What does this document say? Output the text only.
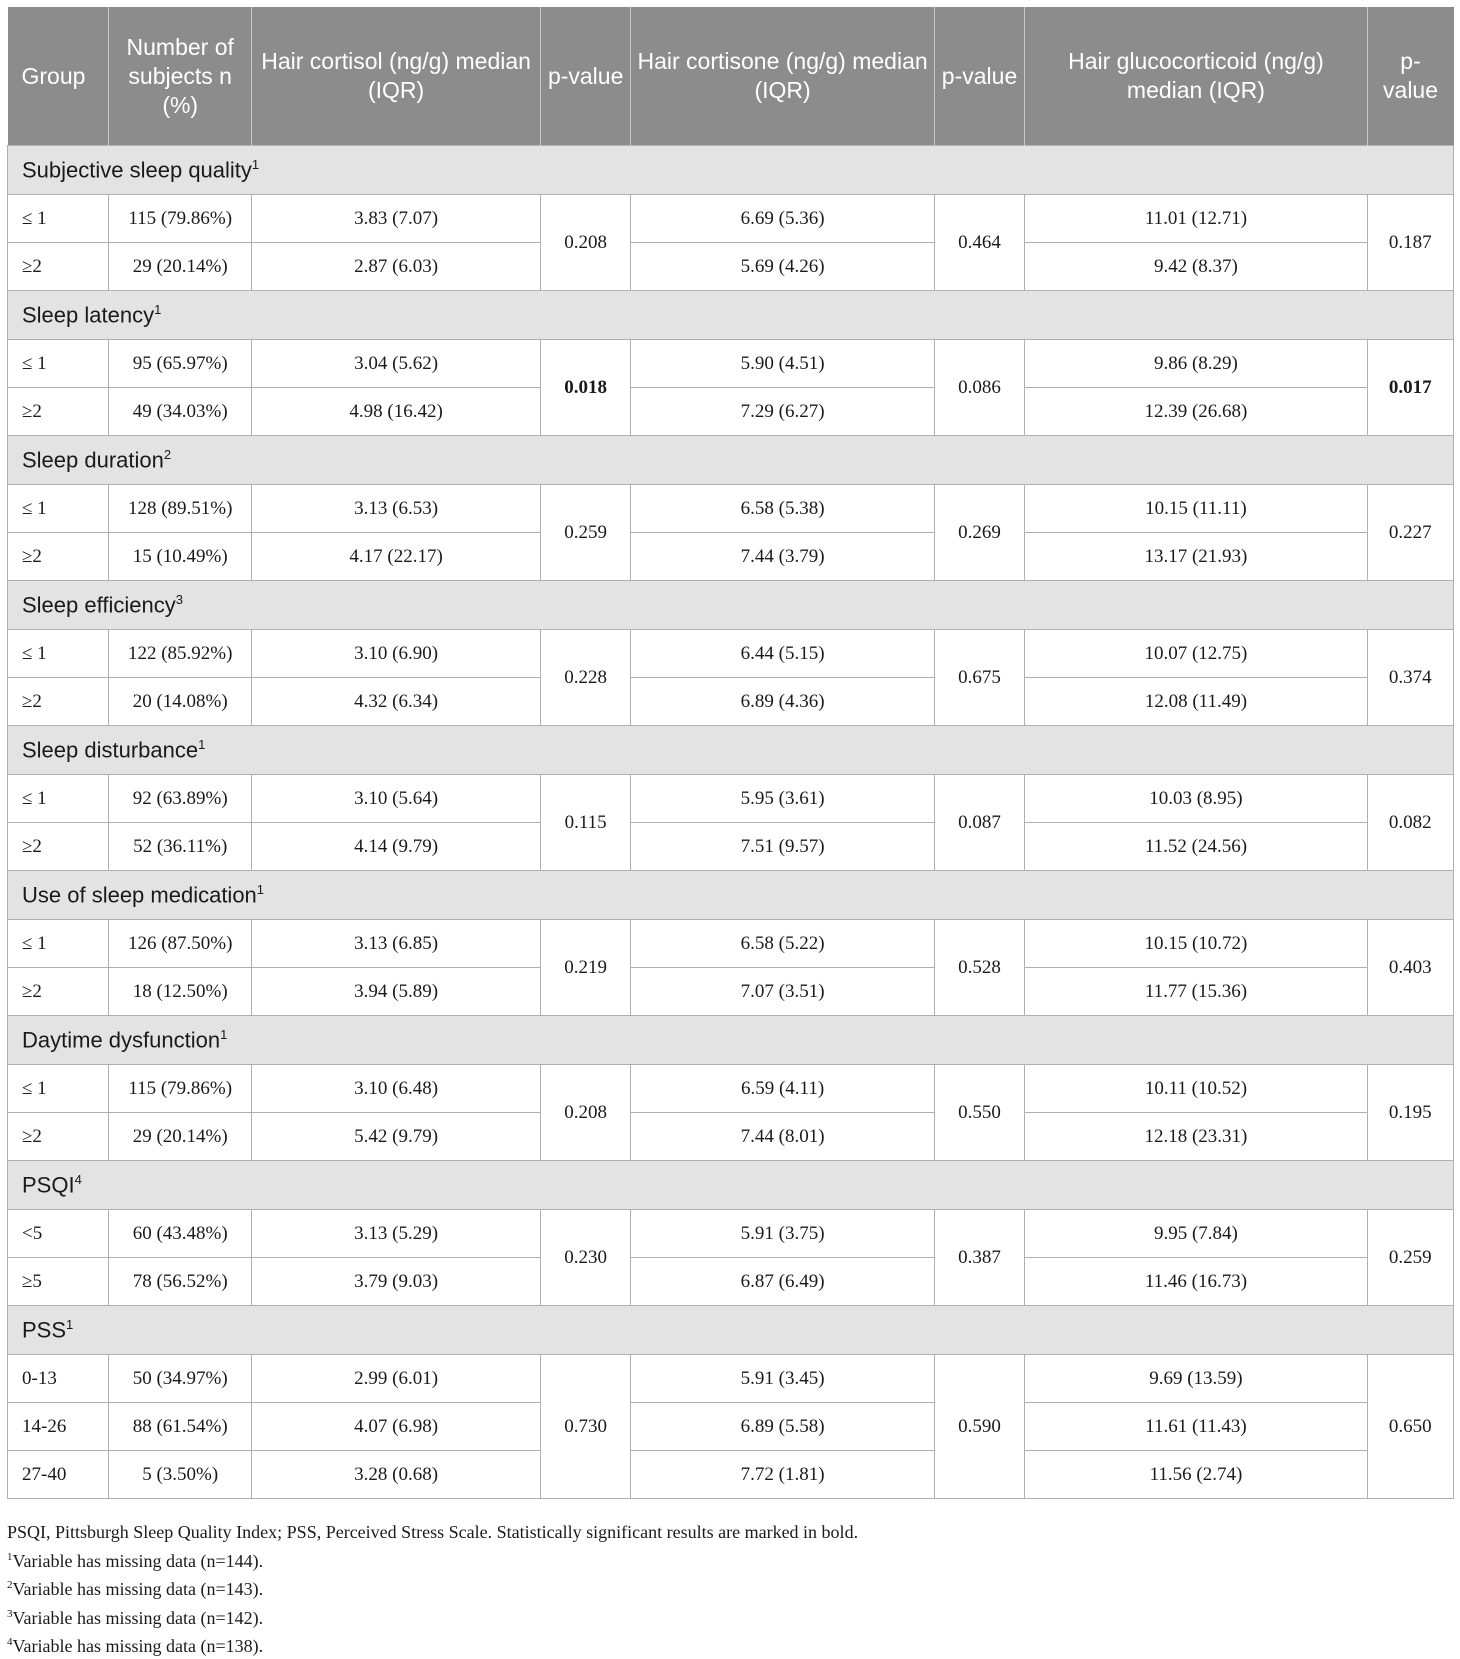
Group	Number of subjects n (%)	Hair cortisol (ng/g) median (IQR)	p-value	Hair cortisone (ng/g) median (IQR)	p-value	Hair glucocorticoid (ng/g) median (IQR)	p-value
Subjective sleep quality$^1$
≤ 1	115 (79.86%)	3.83 (7.07)	0.208	6.69 (5.36)	0.464	11.01 (12.71)	0.187
≥2	29 (20.14%)	2.87 (6.03)		5.69 (4.26)		9.42 (8.37)	
Sleep latency$^1$
≤ 1	95 (65.97%)	3.04 (5.62)	0.018	5.90 (4.51)	0.086	9.86 (8.29)	0.017
≥2	49 (34.03%)	4.98 (16.42)		7.29 (6.27)		12.39 (26.68)	
Sleep duration$^2$
≤ 1	128 (89.51%)	3.13 (6.53)	0.259	6.58 (5.38)	0.269	10.15 (11.11)	0.227
≥2	15 (10.49%)	4.17 (22.17)		7.44 (3.79)		13.17 (21.93)	
Sleep efficiency$^3$
≤ 1	122 (85.92%)	3.10 (6.90)	0.228	6.44 (5.15)	0.675	10.07 (12.75)	0.374
≥2	20 (14.08%)	4.32 (6.34)		6.89 (4.36)		12.08 (11.49)	
Sleep disturbance$^1$
≤ 1	92 (63.89%)	3.10 (5.64)	0.115	5.95 (3.61)	0.087	10.03 (8.95)	0.082
≥2	52 (36.11%)	4.14 (9.79)		7.51 (9.57)		11.52 (24.56)	
Use of sleep medication$^1$
≤ 1	126 (87.50%)	3.13 (6.85)	0.219	6.58 (5.22)	0.528	10.15 (10.72)	0.403
≥2	18 (12.50%)	3.94 (5.89)		7.07 (3.51)		11.77 (15.36)	
Daytime dysfunction$^1$
≤ 1	115 (79.86%)	3.10 (6.48)	0.208	6.59 (4.11)	0.550	10.11 (10.52)	0.195
≥2	29 (20.14%)	5.42 (9.79)		7.44 (8.01)		12.18 (23.31)	
$PSQI^4$
<5	60 (43.48%)	3.13 (5.29)	0.230	5.91 (3.75)	0.387	9.95 (7.84)	0.259
≥5	78 (56.52%)	3.79 (9.03)		6.87 (6.49)		11.46 (16.73)	
PSS$^1$
0-13	50 (34.97%)	2.99 (6.01)	0.730	5.91 (3.45)	0.590	9.69 (13.59)	0.650
14-26	88 (61.54%)	4.07 (6.98)		6.89 (5.58)		11.61 (11.43)	
27-40	5 (3.50%)	3.28 (0.68)		7.72 (1.81)		11.56 (2.74)	

PSQI, Pittsburgh Sleep Quality Index; PSS, Perceived Stress Scale. Statistically significant results are marked in bold.

$^1$Variable has missing data (n=144).

$^2$Variable has missing data (n=143).

$^3$Variable has missing data (n=142).

$^4$Variable has missing data (n=138).
